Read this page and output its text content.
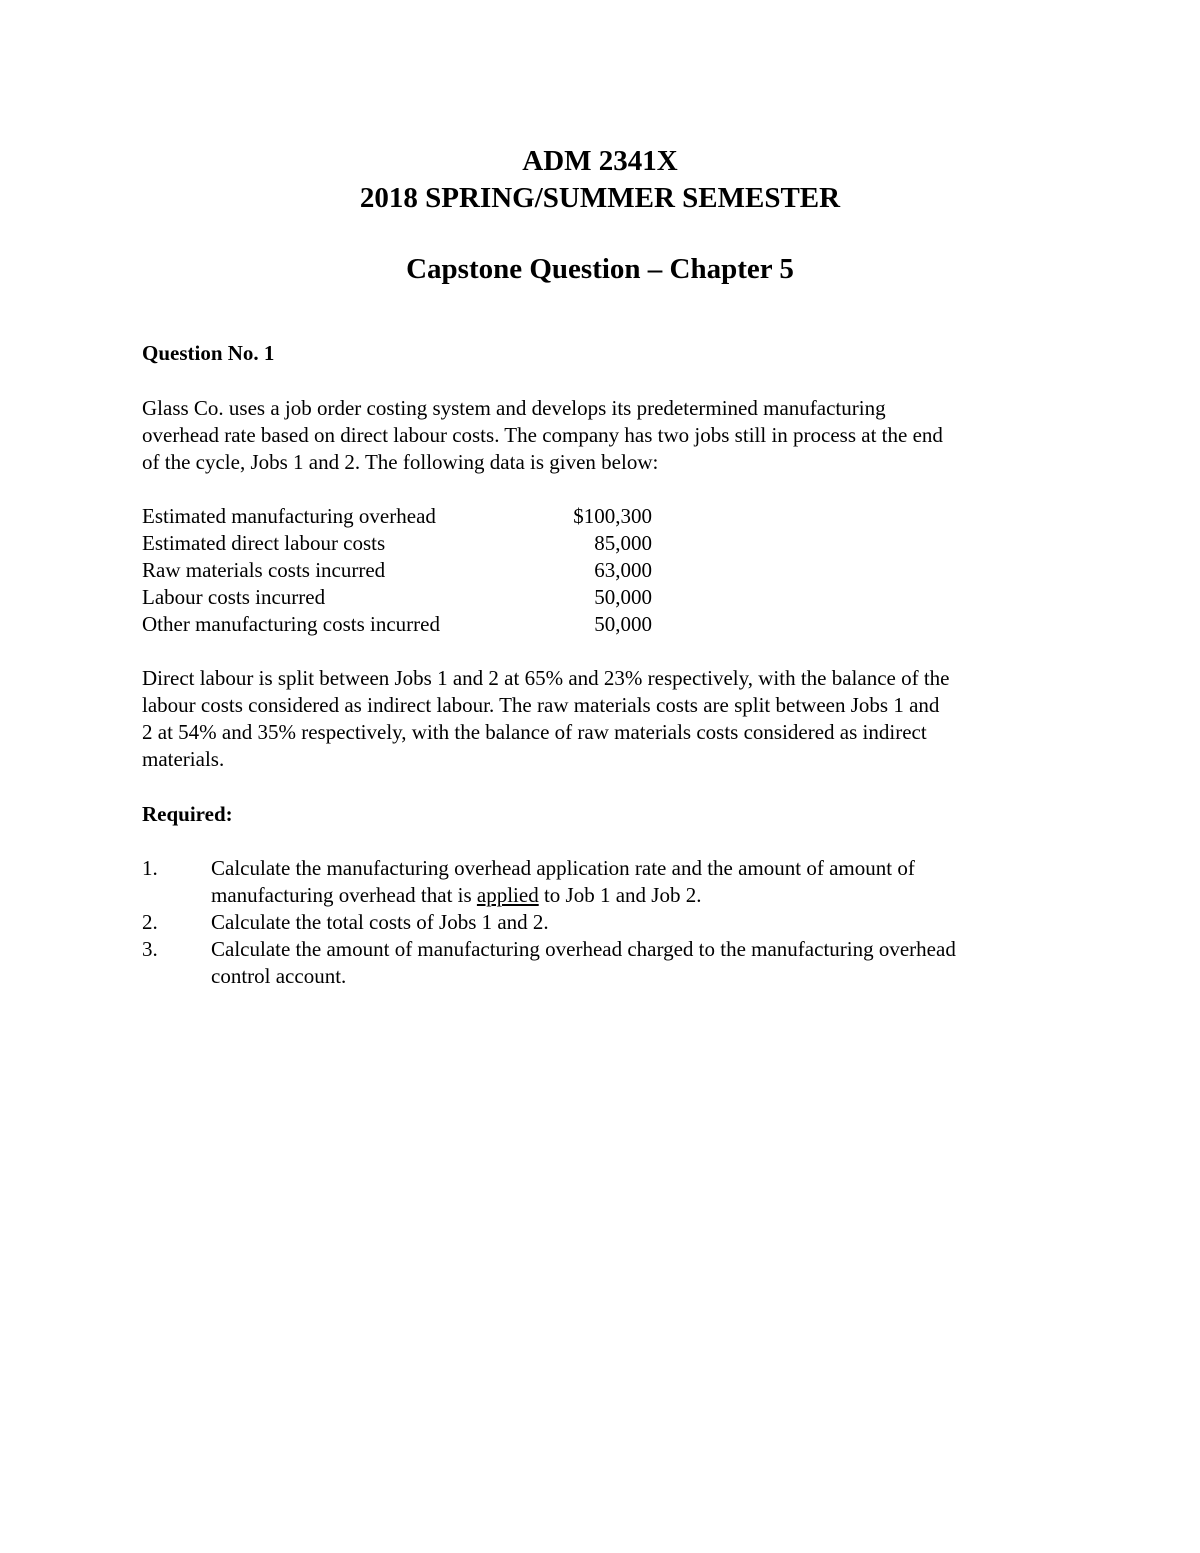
ADM 2341X
2018 SPRING/SUMMER SEMESTER
Capstone Question – Chapter 5
Question No. 1
Glass Co. uses a job order costing system and develops its predetermined manufacturing
overhead rate based on direct labour costs. The company has two jobs still in process at the end
of the cycle, Jobs 1 and 2. The following data is given below:
Estimated manufacturing overhead	$100,300
Estimated direct labour costs	85,000
Raw materials costs incurred	63,000
Labour costs incurred	50,000
Other manufacturing costs incurred	50,000
Direct labour is split between Jobs 1 and 2 at 65% and 23% respectively, with the balance of the
labour costs considered as indirect labour. The raw materials costs are split between Jobs 1 and
2 at 54% and 35% respectively, with the balance of raw materials costs considered as indirect
materials.
Required:
1.	Calculate the manufacturing overhead application rate and the amount of amount of
manufacturing overhead that is applied to Job 1 and Job 2.
2.	Calculate the total costs of Jobs 1 and 2.
3.	Calculate the amount of manufacturing overhead charged to the manufacturing overhead
control account.
